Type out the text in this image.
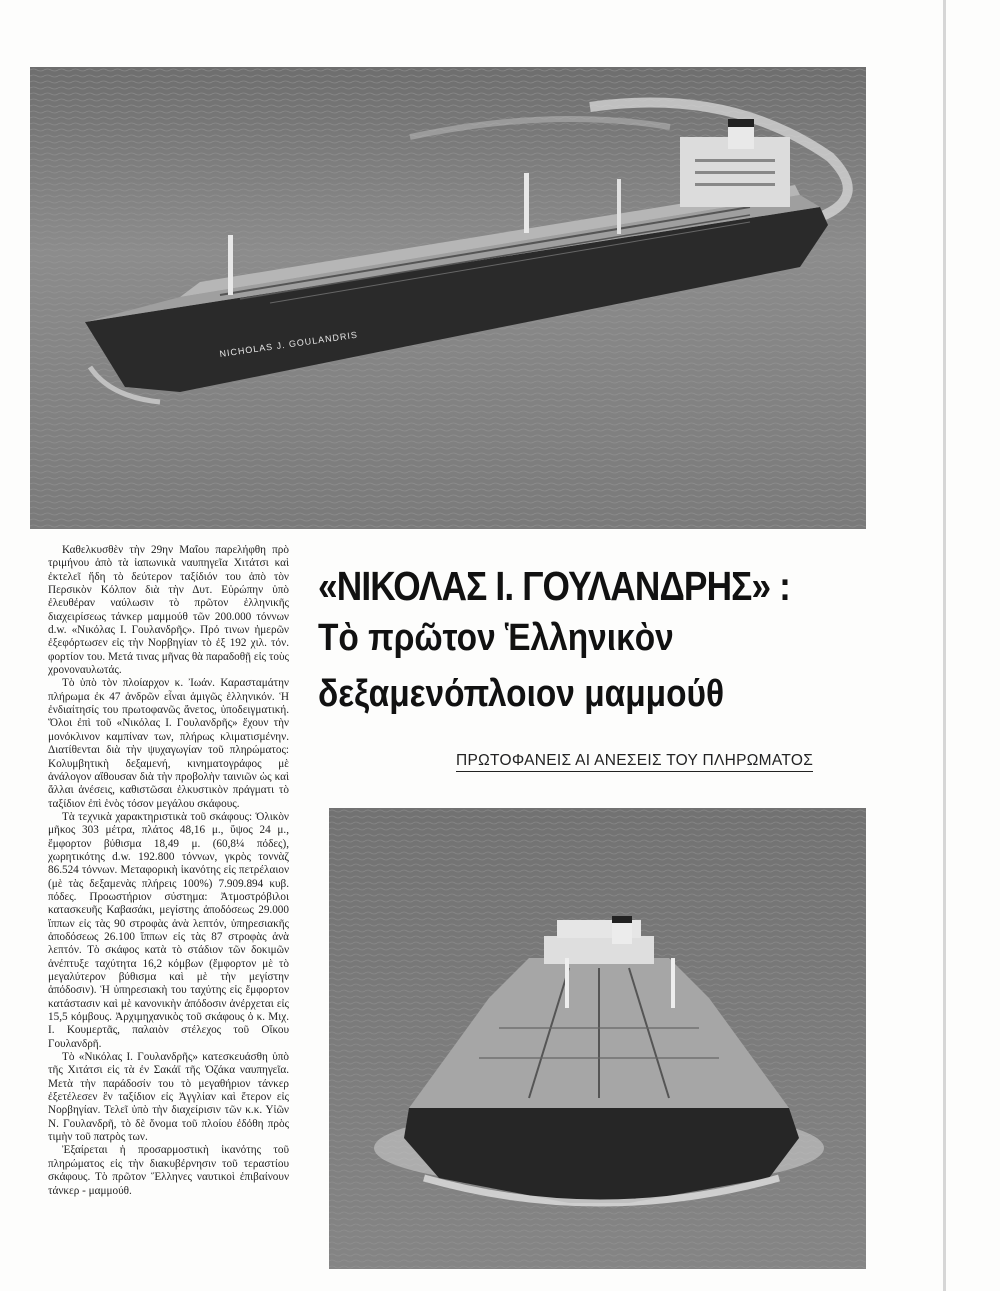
NICHOLAS J. GOULANDRIS

Καθελκυσθὲν τὴν 29ην Μαΐου παρελήφθη πρὸ τριμήνου ἀπὸ τὰ ἰαπωνικὰ ναυπηγεῖα Χιτάτσι καὶ ἐκτελεῖ ἤδη τὸ δεύτερον ταξίδιόν του ἀπὸ τὸν Περσικὸν Κόλπον διὰ τὴν Δυτ. Εὐρώπην ὑπὸ ἐλευθέραν ναύλωσιν τὸ πρῶτον ἑλληνικῆς διαχειρίσεως τάνκερ μαμμούθ τῶν 200.000 τόννων d.w. «Νικόλας Ι. Γουλανδρῆς». Πρό τινων ἡμερῶν ἐξεφόρτωσεν εἰς τὴν Νορβηγίαν τὸ ἐξ 192 χιλ. τόν. φορτίον του. Μετά τινας μῆνας θὰ παραδοθῇ εἰς τοὺς χρονοναυλωτάς.

Τὸ ὑπὸ τὸν πλοίαρχον κ. Ἰωάν. Καρασταμάτην πλήρωμα ἐκ 47 ἀνδρῶν εἶναι ἀμιγῶς ἑλληνικόν. Ἡ ἐνδιαίτησίς του πρωτοφανῶς ἄνετος, ὑποδειγματική. Ὅλοι ἐπὶ τοῦ «Νικόλας Ι. Γουλανδρῆς» ἔχουν τὴν μονόκλινον καμπίναν των, πλήρως κλιματισμένην. Διατίθενται διὰ τὴν ψυχαγωγίαν τοῦ πληρώματος: Κολυμβητικὴ δεξαμενή, κινηματογράφος μὲ ἀνάλογον αἴθουσαν διὰ τὴν προβολὴν ταινιῶν ὡς καὶ ἄλλαι ἀνέσεις, καθιστῶσαι ἑλκυστικὸν πράγματι τὸ ταξίδιον ἐπὶ ἑνὸς τόσον μεγάλου σκάφους.

Τὰ τεχνικὰ χαρακτηριστικὰ τοῦ σκάφους: Ὁλικὸν μῆκος 303 μέτρα, πλάτος 48,16 μ., ὕψος 24 μ., ἔμφορτον βύθισμα 18,49 μ. (60,8¼ πόδες), χωρητικότης d.w. 192.800 τόννων, γκρὸς τοννὰζ 86.524 τόννων. Μεταφορικὴ ἱκανότης εἰς πετρέλαιον (μὲ τὰς δεξαμενὰς πλήρεις 100%) 7.909.894 κυβ. πόδες. Προωστήριον σύστημα: Ἀτμοστρόβιλοι κατασκευῆς Καβασάκι, μεγίστης ἀποδόσεως 29.000 ἵππων εἰς τὰς 90 στροφὰς ἀνὰ λεπτόν, ὑπηρεσιακῆς ἀποδόσεως 26.100 ἵππων εἰς τὰς 87 στροφὰς ἀνὰ λεπτόν. Τὸ σκάφος κατὰ τὸ στάδιον τῶν δοκιμῶν ἀνέπτυξε ταχύτητα 16,2 κόμβων (ἔμφορτον μὲ τὸ μεγαλύτερον βύθισμα καὶ μὲ τὴν μεγίστην ἀπόδοσιν). Ἡ ὑπηρεσιακὴ του ταχύτης εἰς ἔμφορτον κατάστασιν καὶ μὲ κανονικὴν ἀπόδοσιν ἀνέρχεται εἰς 15,5 κόμβους. Ἀρχιμηχανικὸς τοῦ σκάφους ὁ κ. Μιχ. Ι. Κουμερτᾶς, παλαιὸν στέλεχος τοῦ Οἴκου Γουλανδρῆ.

Τὸ «Νικόλας Ι. Γουλανδρῆς» κατεσκευάσθη ὑπὸ τῆς Χιτάτσι εἰς τὰ ἐν Σακάϊ τῆς Ὀζάκα ναυπηγεῖα. Μετὰ τὴν παράδοσίν του τὸ μεγαθήριον τάνκερ ἐξετέλεσεν ἓν ταξίδιον εἰς Ἀγγλίαν καὶ ἕτερον εἰς Νορβηγίαν. Τελεῖ ὑπὸ τὴν διαχείρισιν τῶν κ.κ. Υἱῶν Ν. Γουλανδρῆ, τὸ δὲ ὄνομα τοῦ πλοίου ἐδόθη πρὸς τιμὴν τοῦ πατρὸς των.

Ἐξαίρεται ἡ προσαρμοστικὴ ἱκανότης τοῦ πληρώματος εἰς τὴν διακυβέρνησιν τοῦ τεραστίου σκάφους. Τὸ πρῶτον Ἕλληνες ναυτικοὶ ἐπιβαίνουν τάνκερ - μαμμούθ.

«ΝΙΚΟΛΑΣ Ι. ΓΟΥΛΑΝΔΡΗΣ» :
Τὸ πρῶτον Ἑλληνικὸν
δεξαμενόπλοιον μαμμούθ
ΠΡΩΤΟΦΑΝΕΙΣ ΑΙ ΑΝΕΣΕΙΣ ΤΟΥ ΠΛΗΡΩΜΑΤΟΣ
